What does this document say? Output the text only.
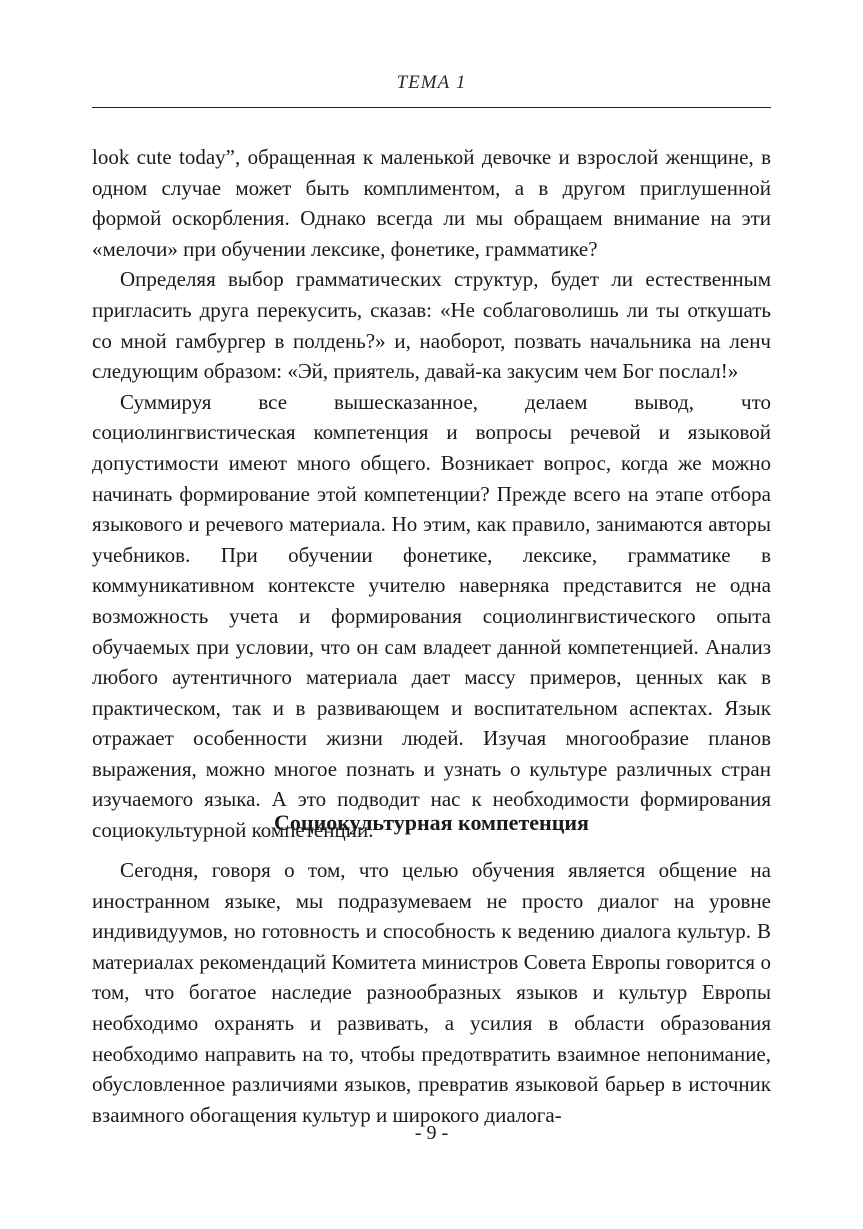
ТЕМА 1

look cute today”, обращенная к маленькой девочке и взрослой женщине, в одном случае может быть комплиментом, а в другом приглушенной формой оскорбления. Однако всегда ли мы обращаем внимание на эти «мелочи» при обучении лексике, фонетике, грамматике?

Определяя выбор грамматических структур, будет ли естественным пригласить друга перекусить, сказав: «Не соблаговолишь ли ты откушать со мной гамбургер в полдень?» и, наоборот, позвать начальника на ленч следующим образом: «Эй, приятель, давай-ка закусим чем Бог послал!»

Суммируя все вышесказанное, делаем вывод, что социолингвистическая компетенция и вопросы речевой и языковой допустимости имеют много общего. Возникает вопрос, когда же можно начинать формирование этой компетенции? Прежде всего на этапе отбора языкового и речевого материала. Но этим, как правило, занимаются авторы учебников. При обучении фонетике, лексике, грамматике в коммуникативном контексте учителю наверняка представится не одна возможность учета и формирования социолингвистического опыта обучаемых при условии, что он сам владеет данной компетенцией. Анализ любого аутентичного материала дает массу примеров, ценных как в практическом, так и в развивающем и воспитательном аспектах. Язык отражает особенности жизни людей. Изучая многообразие планов выражения, можно многое познать и узнать о культуре различных стран изучаемого языка. А это подводит нас к необходимости формирования социокультурной компетенции.

Социокультурная компетенция

Сегодня, говоря о том, что целью обучения является общение на иностранном языке, мы подразумеваем не просто диалог на уровне индивидуумов, но готовность и способность к ведению диалога культур. В материалах рекомендаций Комитета министров Совета Европы говорится о том, что богатое наследие разнообразных языков и культур Европы необходимо охранять и развивать, а усилия в области образования необходимо направить на то, чтобы предотвратить взаимное непонимание, обусловленное различиями языков, превратив языковой барьер в источник взаимного обогащения культур и широкого диалога-

- 9 -
